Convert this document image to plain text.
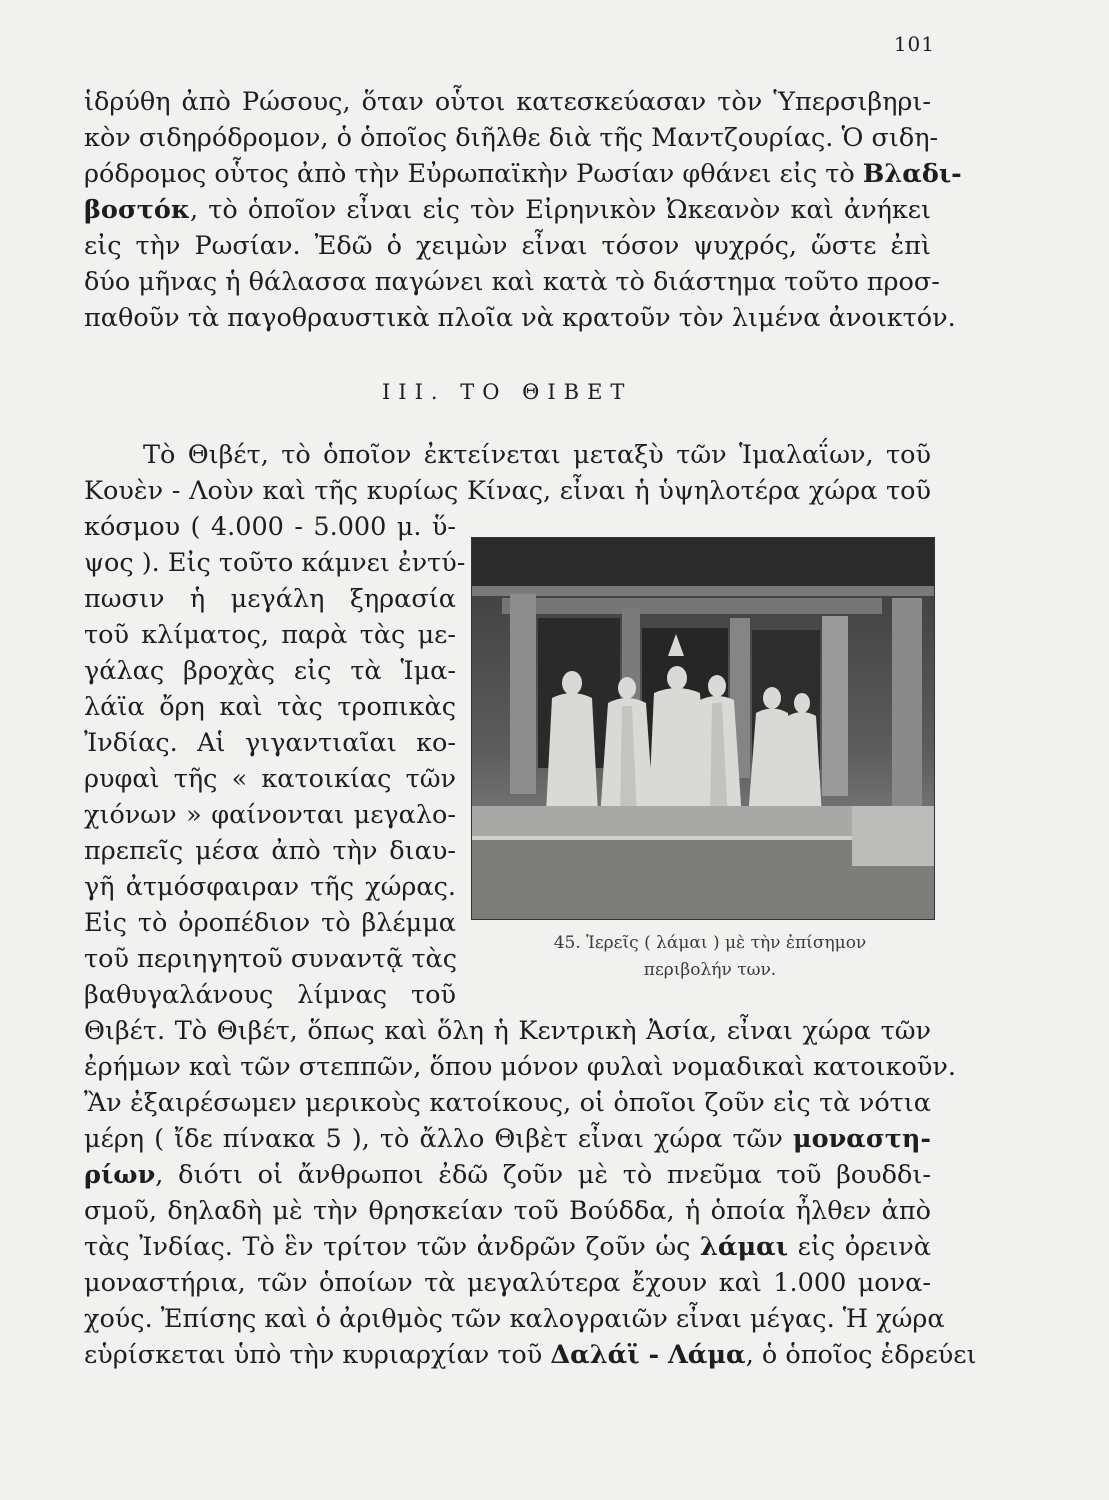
101
ἱδρύθη ἀπὸ Ρώσους, ὅταν οὗτοι κατεσκεύασαν τὸν Ὑπερσιβηρι-
κὸν σιδηρόδρομον, ὁ ὁποῖος διῆλθε διὰ τῆς Μαντζουρίας. Ὁ σιδη-
ρόδρομος οὗτος ἀπὸ τὴν Εὐρωπαϊκὴν Ρωσίαν φθάνει εἰς τὸ Βλαδι-
βοστόκ, τὸ ὁποῖον εἶναι εἰς τὸν Εἰρηνικὸν Ὠκεανὸν καὶ ἀνήκει
εἰς τὴν Ρωσίαν. Ἐδῶ ὁ χειμὼν εἶναι τόσον ψυχρός, ὥστε ἐπὶ
δύο μῆνας ἡ θάλασσα παγώνει καὶ κατὰ τὸ διάστημα τοῦτο προσ-
παθοῦν τὰ παγοθραυστικὰ πλοῖα νὰ κρατοῦν τὸν λιμένα ἀνοικτόν.
III. ΤΟ ΘΙΒΕΤ
Τὸ Θιβέτ, τὸ ὁποῖον ἐκτείνεται μεταξὺ τῶν Ἱμαλαΐων, τοῦ
Κουὲν - Λοὺν καὶ τῆς κυρίως Κίνας, εἶναι ἡ ὑψηλοτέρα χώρα τοῦ
κόσμου ( 4.000 - 5.000 μ. ὕ-
ψος ). Εἰς τοῦτο κάμνει ἐντύ-
πωσιν ἡ μεγάλη ξηρασία
τοῦ κλίματος, παρὰ τὰς με-
γάλας βροχὰς εἰς τὰ Ἱμα-
λάϊα ὄρη καὶ τὰς τροπικὰς
Ἰνδίας. Αἱ γιγαντιαῖαι κο-
ρυφαὶ τῆς « κατοικίας τῶν
χιόνων » φαίνονται μεγαλο-
πρεπεῖς μέσα ἀπὸ τὴν διαυ-
γῆ ἀτμόσφαιραν τῆς χώρας.
Εἰς τὸ ὀροπέδιον τὸ βλέμμα
τοῦ περιηγητοῦ συναντᾷ τὰς
βαθυγαλάνους λίμνας τοῦ
45. Ἱερεῖς ( λάμαι ) μὲ τὴν ἐπίσημον
περιβολήν των.
Θιβέτ. Τὸ Θιβέτ, ὅπως καὶ ὅλη ἡ Κεντρικὴ Ἀσία, εἶναι χώρα τῶν
ἐρήμων καὶ τῶν στεππῶν, ὅπου μόνον φυλαὶ νομαδικαὶ κατοικοῦν.
Ἂν ἐξαιρέσωμεν μερικοὺς κατοίκους, οἱ ὁποῖοι ζοῦν εἰς τὰ νότια
μέρη ( ἴδε πίνακα 5 ), τὸ ἄλλο Θιβὲτ εἶναι χώρα τῶν μοναστη-
ρίων, διότι οἱ ἄνθρωποι ἐδῶ ζοῦν μὲ τὸ πνεῦμα τοῦ βουδδι-
σμοῦ, δηλαδὴ μὲ τὴν θρησκείαν τοῦ Βούδδα, ἡ ὁποία ἦλθεν ἀπὸ
τὰς Ἰνδίας. Τὸ ἓν τρίτον τῶν ἀνδρῶν ζοῦν ὡς λάμαι εἰς ὀρεινὰ
μοναστήρια, τῶν ὁποίων τὰ μεγαλύτερα ἔχουν καὶ 1.000 μονα-
χούς. Ἐπίσης καὶ ὁ ἀριθμὸς τῶν καλογραιῶν εἶναι μέγας. Ἡ χώρα
εὑρίσκεται ὑπὸ τὴν κυριαρχίαν τοῦ Δαλάϊ - Λάμα, ὁ ὁποῖος ἑδρεύει
